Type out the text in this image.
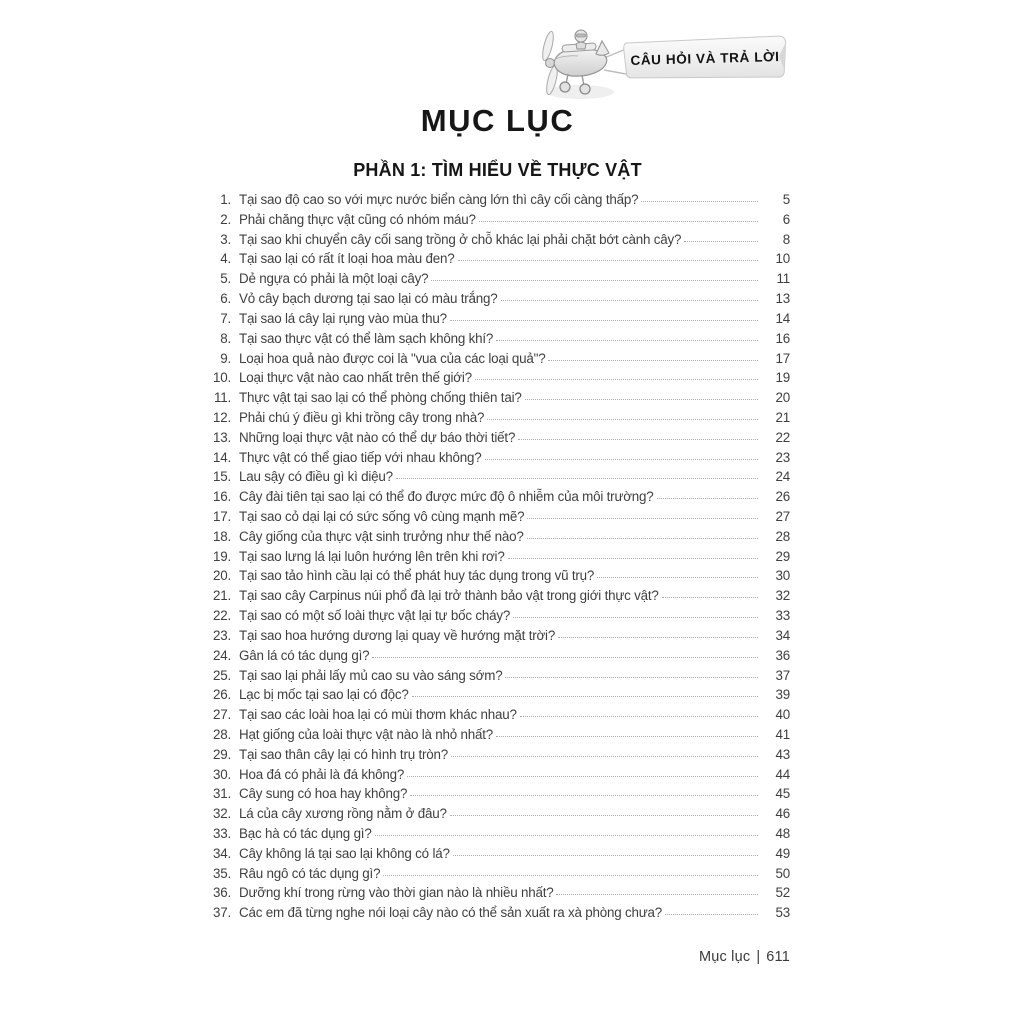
CÂU HỎI VÀ TRẢ LỜI
MỤC LỤC
PHẦN 1: TÌM HIỂU VỀ THỰC VẬT
1. Tại sao độ cao so với mực nước biển càng lớn thì cây cối càng thấp?	5
2. Phải chăng thực vật cũng có nhóm máu?	6
3. Tại sao khi chuyển cây cối sang trồng ở chỗ khác lại phải chặt bớt cành cây?	8
4. Tại sao lại có rất ít loại hoa màu đen?	10
5. Dẻ ngựa có phải là một loại cây?	11
6. Vỏ cây bạch dương tại sao lại có màu trắng?	13
7. Tại sao lá cây lại rụng vào mùa thu?	14
8. Tại sao thực vật có thể làm sạch không khí?	16
9. Loại hoa quả nào được coi là "vua của các loại quả"?	17
10. Loại thực vật nào cao nhất trên thế giới?	19
11. Thực vật tại sao lại có thể phòng chống thiên tai?	20
12. Phải chú ý điều gì khi trồng cây trong nhà?	21
13. Những loại thực vật nào có thể dự báo thời tiết?	22
14. Thực vật có thể giao tiếp với nhau không?	23
15. Lau sậy có điều gì kì diệu?	24
16. Cây đài tiên tại sao lại có thể đo được mức độ ô nhiễm của môi trường?	26
17. Tại sao cỏ dại lại có sức sống vô cùng mạnh mẽ?	27
18. Cây giống của thực vật sinh trưởng như thế nào?	28
19. Tại sao lưng lá lại luôn hướng lên trên khi rơi?	29
20. Tại sao tảo hình cầu lại có thể phát huy tác dụng trong vũ trụ?	30
21. Tại sao cây Carpinus núi phổ đà lại trở thành bảo vật trong giới thực vật?	32
22. Tại sao có một số loài thực vật lại tự bốc cháy?	33
23. Tại sao hoa hướng dương lại quay về hướng mặt trời?	34
24. Gân lá có tác dụng gì?	36
25. Tại sao lại phải lấy mủ cao su vào sáng sớm?	37
26. Lạc bị mốc tại sao lại có độc?	39
27. Tại sao các loài hoa lại có mùi thơm khác nhau?	40
28. Hạt giống của loài thực vật nào là nhỏ nhất?	41
29. Tại sao thân cây lại có hình trụ tròn?	43
30. Hoa đá có phải là đá không?	44
31. Cây sung có hoa hay không?	45
32. Lá của cây xương rồng nằm ở đâu?	46
33. Bạc hà có tác dụng gì?	48
34. Cây không lá tại sao lại không có lá?	49
35. Râu ngô có tác dụng gì?	50
36. Dưỡng khí trong rừng vào thời gian nào là nhiều nhất?	52
37. Các em đã từng nghe nói loại cây nào có thể sản xuất ra xà phòng chưa?	53
Mục lục | 611
